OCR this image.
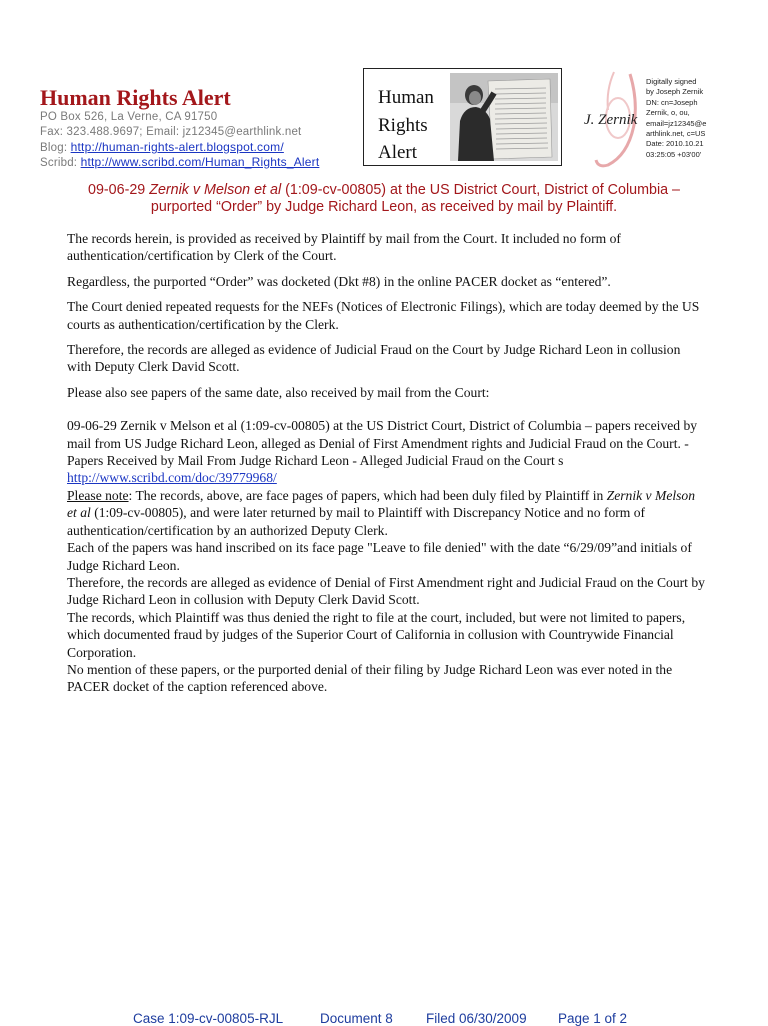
Human Rights Alert
PO Box 526, La Verne, CA 91750
Fax: 323.488.9697; Email: jz12345@earthlink.net
Blog: http://human-rights-alert.blogspot.com/
Scribd: http://www.scribd.com/Human_Rights_Alert
Human
Rights
Alert
J. Zernik
Digitally signed
by Joseph Zernik
DN: cn=Joseph
Zernik, o, ou,
email=jz12345@e
arthlink.net, c=US
Date: 2010.10.21
03:25:05 +03'00'
09-06-29 Zernik v Melson et al (1:09-cv-00805) at the US District Court, District of Columbia –
purported “Order” by Judge Richard Leon, as received by mail by Plaintiff.

The records herein, is provided as received by Plaintiff by mail from the Court. It included no form of authentication/certification by Clerk of the Court.

Regardless, the purported “Order” was docketed (Dkt #8) in the online PACER docket as “entered”.

The Court denied repeated requests for the NEFs (Notices of Electronic Filings), which are today deemed by the US courts as authentication/certification by the Clerk.

Therefore, the records are alleged as evidence of Judicial Fraud on the Court by Judge Richard Leon in collusion with Deputy Clerk David Scott.

Please also see papers of the same date, also received by mail from the Court:

09-06-29 Zernik v Melson et al (1:09-cv-00805) at the US District Court, District of Columbia – papers received by mail from US Judge Richard Leon, alleged as Denial of First Amendment rights and Judicial Fraud on the Court. - Papers Received by Mail From Judge Richard Leon - Alleged Judicial Fraud on the Court s
http://www.scribd.com/doc/39779968/
Please note: The records, above, are face pages of papers, which had been duly filed by Plaintiff in Zernik v Melson et al (1:09-cv-00805), and were later returned by mail to Plaintiff with Discrepancy Notice and no form of authentication/certification by an authorized Deputy Clerk.
Each of the papers was hand inscribed on its face page "Leave to file denied" with the date “6/29/09”and initials of Judge Richard Leon.
Therefore, the records are alleged as evidence of Denial of First Amendment right and Judicial Fraud on the Court by Judge Richard Leon in collusion with Deputy Clerk David Scott.
The records, which Plaintiff was thus denied the right to file at the court, included, but were not limited to papers, which documented fraud by judges of the Superior Court of California in collusion with Countrywide Financial Corporation.
No mention of these papers, or the purported denial of their filing by Judge Richard Leon was ever noted in the PACER docket of the caption referenced above.
Case 1:09-cv-00805-RJL	Document 8 Filed 06/30/2009 Page 1 of 2
